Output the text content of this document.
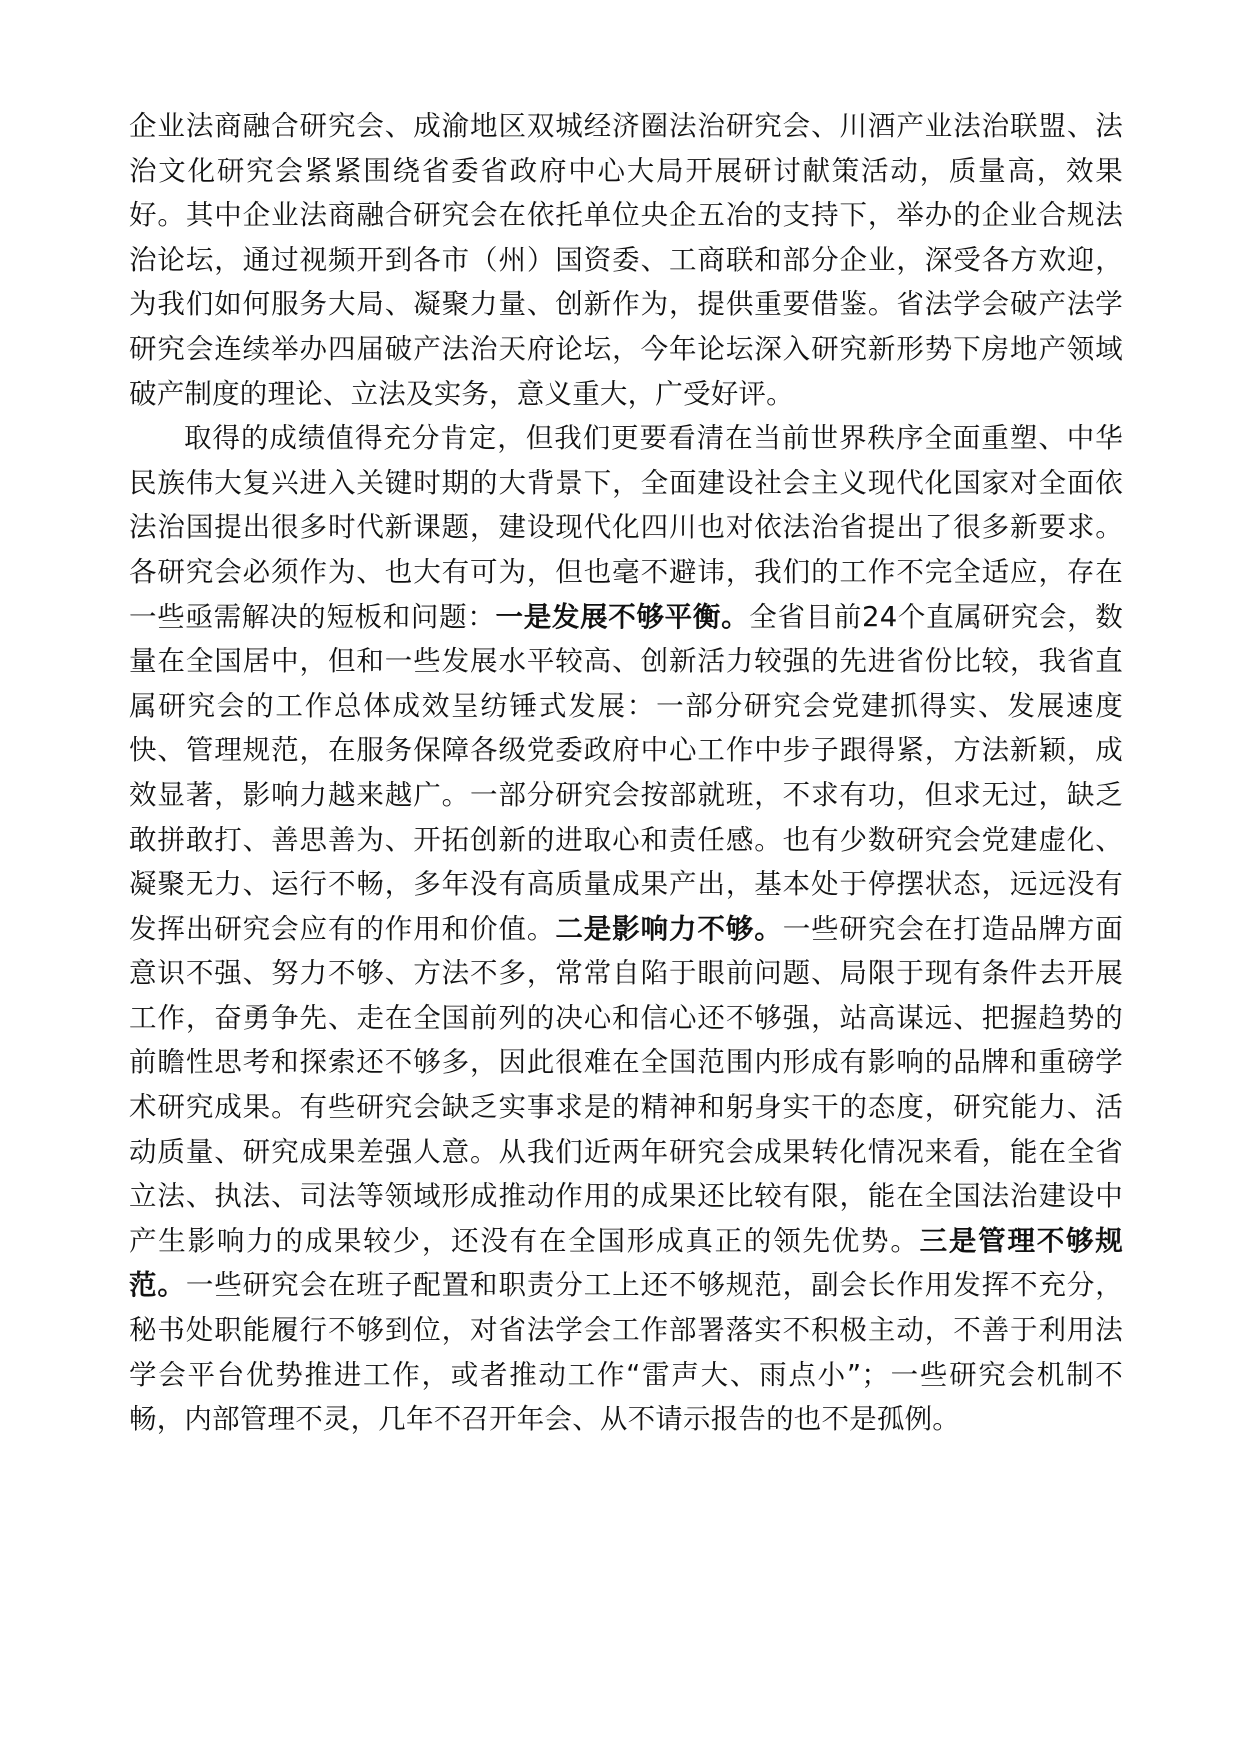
企业法商融合研究会、成渝地区双城经济圈法治研究会、川酒产业法治联盟、法治文化研究会紧紧围绕省委省政府中心大局开展研讨献策活动，质量高，效果好。其中企业法商融合研究会在依托单位央企五冶的支持下，举办的企业合规法治论坛，通过视频开到各市（州）国资委、工商联和部分企业，深受各方欢迎，为我们如何服务大局、凝聚力量、创新作为，提供重要借鉴。省法学会破产法学研究会连续举办四届破产法治天府论坛，今年论坛深入研究新形势下房地产领域破产制度的理论、立法及实务，意义重大，广受好评。

取得的成绩值得充分肯定，但我们更要看清在当前世界秩序全面重塑、中华民族伟大复兴进入关键时期的大背景下，全面建设社会主义现代化国家对全面依法治国提出很多时代新课题，建设现代化四川也对依法治省提出了很多新要求。各研究会必须作为、也大有可为，但也毫不避讳，我们的工作不完全适应，存在一些亟需解决的短板和问题：一是发展不够平衡。全省目前24个直属研究会，数量在全国居中，但和一些发展水平较高、创新活力较强的先进省份比较，我省直属研究会的工作总体成效呈纺锤式发展：一部分研究会党建抓得实、发展速度快、管理规范，在服务保障各级党委政府中心工作中步子跟得紧，方法新颖，成效显著，影响力越来越广。一部分研究会按部就班，不求有功，但求无过，缺乏敢拼敢打、善思善为、开拓创新的进取心和责任感。也有少数研究会党建虚化、凝聚无力、运行不畅，多年没有高质量成果产出，基本处于停摆状态，远远没有发挥出研究会应有的作用和价值。二是影响力不够。一些研究会在打造品牌方面意识不强、努力不够、方法不多，常常自陷于眼前问题、局限于现有条件去开展工作，奋勇争先、走在全国前列的决心和信心还不够强，站高谋远、把握趋势的前瞻性思考和探索还不够多，因此很难在全国范围内形成有影响的品牌和重磅学术研究成果。有些研究会缺乏实事求是的精神和躬身实干的态度，研究能力、活动质量、研究成果差强人意。从我们近两年研究会成果转化情况来看，能在全省立法、执法、司法等领域形成推动作用的成果还比较有限，能在全国法治建设中产生影响力的成果较少，还没有在全国形成真正的领先优势。三是管理不够规范。一些研究会在班子配置和职责分工上还不够规范，副会长作用发挥不充分，秘书处职能履行不够到位，对省法学会工作部署落实不积极主动，不善于利用法学会平台优势推进工作，或者推动工作“雷声大、雨点小”；一些研究会机制不畅，内部管理不灵，几年不召开年会、从不请示报告的也不是孤例。
